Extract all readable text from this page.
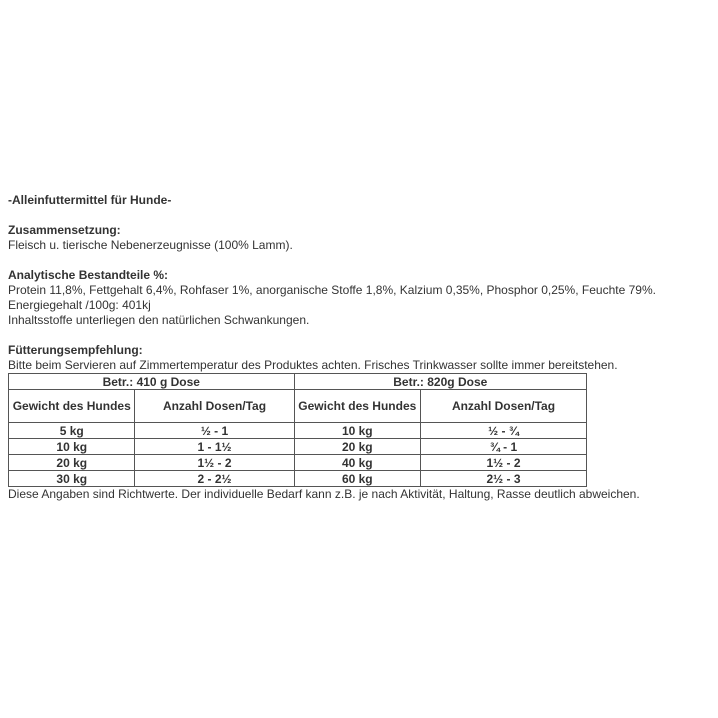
-Alleinfuttermittel für Hunde-
Zusammensetzung:
Fleisch u. tierische Nebenerzeugnisse (100% Lamm).
Analytische Bestandteile %:
Protein 11,8%, Fettgehalt 6,4%, Rohfaser 1%, anorganische Stoffe 1,8%, Kalzium 0,35%, Phosphor 0,25%, Feuchte 79%.
Energiegehalt /100g: 401kj
Inhaltsstoffe unterliegen den natürlichen Schwankungen.
Fütterungsempfehlung:
Bitte beim Servieren auf Zimmertemperatur des Produktes achten. Frisches Trinkwasser sollte immer bereitstehen.
Betr.: 410 g Dose		Betr.: 820g Dose	
Gewicht des Hundes	Anzahl Dosen/Tag	Gewicht des Hundes	Anzahl Dosen/Tag
5 kg	½ - 1	10 kg	½ - ¾
10 kg	1 - 1½	20 kg	¾ - 1
20 kg	1½ - 2	40 kg	1½ - 2
30 kg	2 - 2½	60 kg	2½ - 3
Diese Angaben sind Richtwerte. Der individuelle Bedarf kann z.B. je nach Aktivität, Haltung, Rasse deutlich abweichen.
